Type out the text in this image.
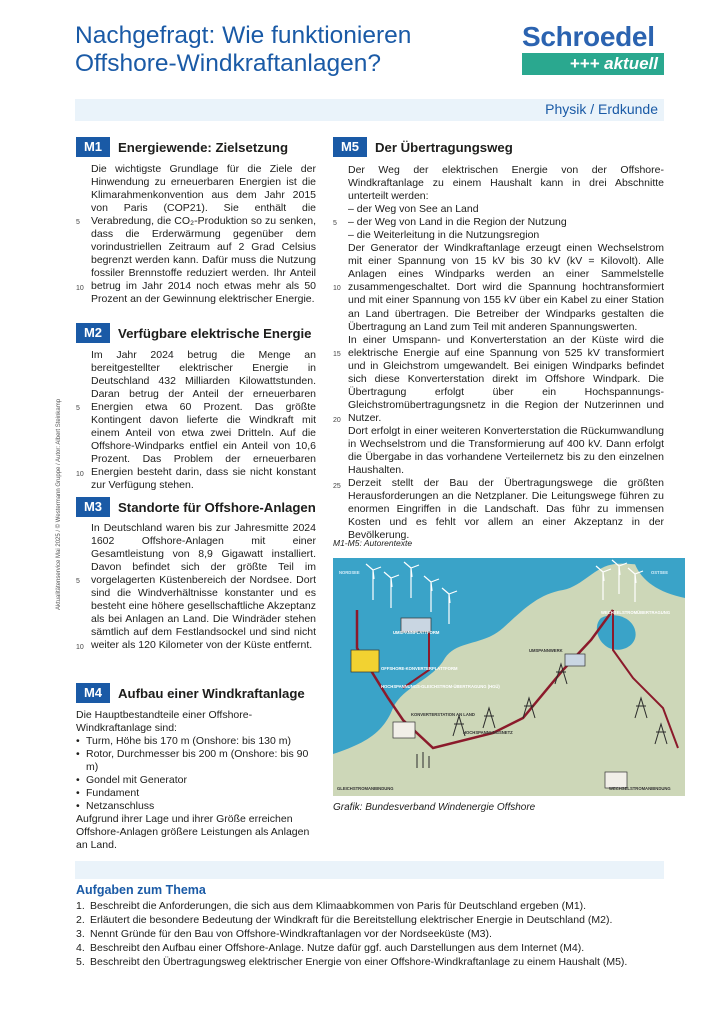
Nachgefragt: Wie funktionieren
Offshore-Windkraftanlagen?
Schroedel
+++ aktuell
Physik / Erdkunde
Aktualitätenservice Mai 2025 / © Westermann Gruppe / Autor: Albert Steinkamp
M1	Energiewende: Zielsetzung
Die wichtigste Grundlage für die Ziele der Hinwendung zu erneuerbaren Energien ist die Klimarahmenkonvention aus dem Jahr 2015 von Paris (COP21). Sie enthält die Verabredung, die CO₂-Produktion so zu senken, dass die Erderwärmung gegenüber dem vorindustriellen Zeitraum auf 2 Grad Celsius begrenzt werden kann. Dafür muss die Nutzung fossiler Brennstoffe reduziert werden. Ihr Anteil betrug im Jahr 2014 noch etwas mehr als 50 Prozent an der Gewinnung elektrischer Energie.
5
10
M2	Verfügbare elektrische Energie
Im Jahr 2024 betrug die Menge an bereitgestellter elektrischer Energie in Deutschland 432 Milliarden Kilowattstunden. Daran betrug der Anteil der erneuerbaren Energien etwa 60 Prozent. Das größte Kontingent davon lieferte die Windkraft mit einem Anteil von etwa zwei Dritteln. Auf die Offshore-Windparks entfiel ein Anteil von 10,6 Prozent. Das Problem der erneuerbaren Energien besteht darin, dass sie nicht konstant zur Verfügung stehen.
5
10
M3	Standorte für Offshore-Anlagen
In Deutschland waren bis zur Jahresmitte 2024 1602 Offshore-Anlagen mit einer Gesamtleistung von 8,9 Gigawatt installiert. Davon befindet sich der größte Teil im vorgelagerten Küstenbereich der Nordsee. Dort sind die Windverhältnisse konstanter und es besteht eine höhere gesellschaftliche Akzeptanz als bei Anlagen an Land. Die Windräder stehen sämtlich auf dem Festlandsockel und sind nicht weiter als 120 Kilometer von der Küste entfernt.
5
10
M4	Aufbau einer Windkraftanlage
Die Hauptbestandteile einer Offshore-Windkraftanlage sind:
• Turm, Höhe bis 170 m (Onshore: bis 130 m)
• Rotor, Durchmesser bis 200 m (Onshore: bis 90 m)
• Gondel mit Generator
• Fundament
• Netzanschluss
Aufgrund ihrer Lage und ihrer Größe erreichen Offshore-Anlagen größere Leistungen als Anlagen an Land.
M5	Der Übertragungsweg
Der Weg der elektrischen Energie von der Offshore-Windkraftanlage zu einem Haushalt kann in drei Abschnitte unterteilt werden:
– der Weg von See an Land
– der Weg von Land in die Region der Nutzung
– die Weiterleitung in die Nutzungsregion
Der Generator der Windkraftanlage erzeugt einen Wechselstrom mit einer Spannung von 15 kV bis 30 kV (kV = Kilovolt). Alle Anlagen eines Windparks werden an einer Sammelstelle zusammengeschaltet. Dort wird die Spannung hochtransformiert und mit einer Spannung von 155 kV über ein Kabel zu einer Station an Land übertragen. Die Betreiber der Windparks gestalten die Übertragung an Land zum Teil mit anderen Spannungswerten.
In einer Umspann- und Konverterstation an der Küste wird die elektrische Energie auf eine Spannung von 525 kV transformiert und in Gleichstrom umgewandelt. Bei einigen Windparks befindet sich diese Konverterstation direkt im Offshore Windpark. Die Übertragung erfolgt über ein Hochspannungs-Gleichstromübertragungsnetz in die Region der Nutzerinnen und Nutzer.
Dort erfolgt in einer weiteren Konverterstation die Rückumwandlung in Wechselstrom und die Transformierung auf 400 kV. Dann erfolgt die Übergabe in das vorhandene Verteilernetz bis zu den einzelnen Haushalten.
Derzeit stellt der Bau der Übertragungswege die größten Herausforderungen an die Netzplaner. Die Leitungswege führen zu enormen Eingriffen in die Landschaft. Das führ zu immensen Kosten und es fehlt vor allem an einer Akzeptanz in der Bevölkerung.
5
10
15
20
25
M1-M5: Autorentexte
NORDSEE	OSTSEE
UMSPANNPLATTFORM
OFFSHORE-KONVERTERPLATTFORM
HOCHSPANNUNGS-GLEICHSTROM-ÜBERTRAGUNG (HGÜ)
WECHSELSTROMÜBERTRAGUNG
UMSPANNWERK
KONVERTERSTATION AN LAND
HOCHSPANNUNGSNETZ
GLEICHSTROMANBINDUNG	WECHSELSTROMANBINDUNG
Grafik: Bundesverband Windenergie Offshore
Aufgaben zum Thema
1. Beschreibt die Anforderungen, die sich aus dem Klimaabkommen von Paris für Deutschland ergeben (M1).
2. Erläutert die besondere Bedeutung der Windkraft für die Bereitstellung elektrischer Energie in Deutschland (M2).
3. Nennt Gründe für den Bau von Offshore-Windkraftanlagen vor der Nordseeküste (M3).
4. Beschreibt den Aufbau einer Offshore-Anlage. Nutze dafür ggf. auch Darstellungen aus dem Internet (M4).
5. Beschreibt den Übertragungsweg elektrischer Energie von einer Offshore-Windkraftanlage zu einem Haushalt (M5).
